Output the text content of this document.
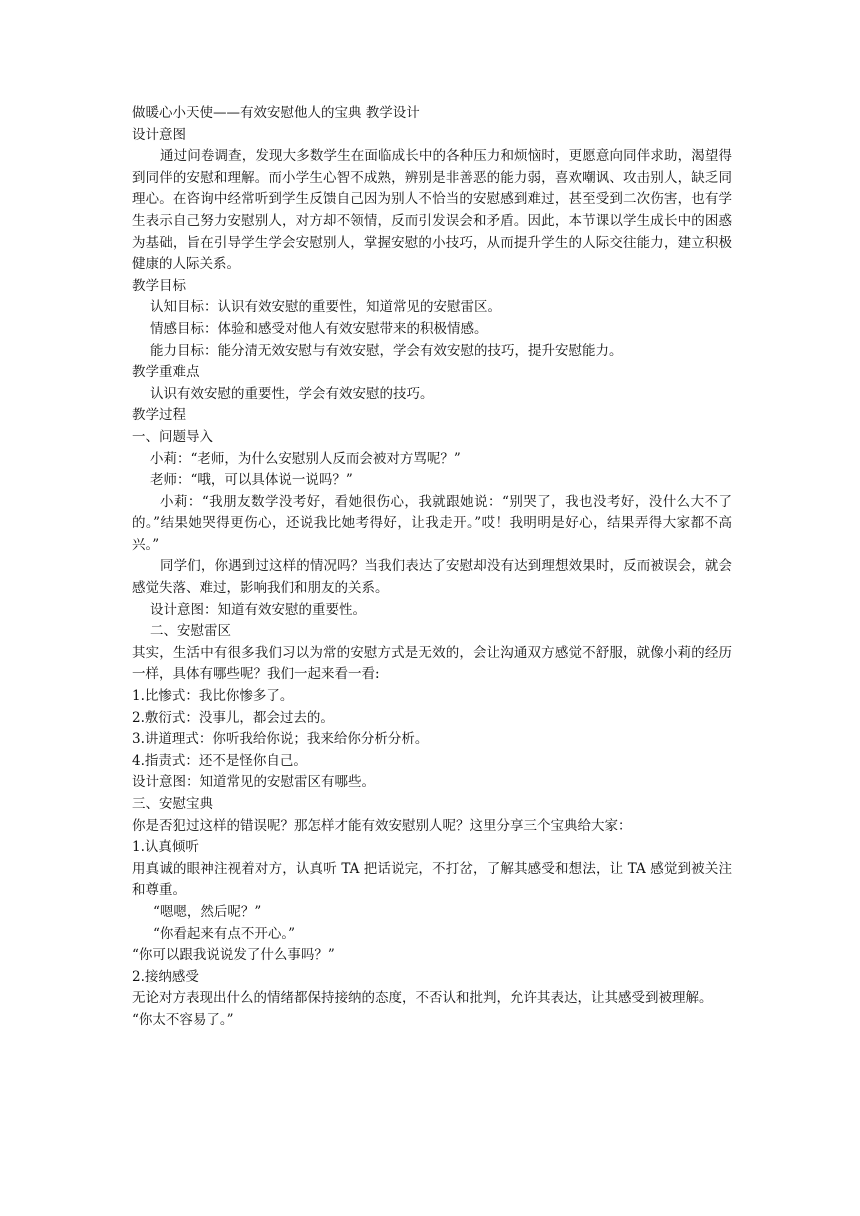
做暖心小天使——有效安慰他人的宝典 教学设计
设计意图
通过问卷调查，发现大多数学生在面临成长中的各种压力和烦恼时，更愿意向同伴求助，渴望得到同伴的安慰和理解。而小学生心智不成熟，辨别是非善恶的能力弱，喜欢嘲讽、攻击别人，缺乏同理心。在咨询中经常听到学生反馈自己因为别人不恰当的安慰感到难过，甚至受到二次伤害，也有学生表示自己努力安慰别人，对方却不领情，反而引发误会和矛盾。因此，本节课以学生成长中的困惑为基础，旨在引导学生学会安慰别人，掌握安慰的小技巧，从而提升学生的人际交往能力，建立积极健康的人际关系。
教学目标
认知目标：认识有效安慰的重要性，知道常见的安慰雷区。
情感目标：体验和感受对他人有效安慰带来的积极情感。
能力目标：能分清无效安慰与有效安慰，学会有效安慰的技巧，提升安慰能力。
教学重难点
认识有效安慰的重要性，学会有效安慰的技巧。
教学过程
一、问题导入
小莉：“老师，为什么安慰别人反而会被对方骂呢？”
老师：“哦，可以具体说一说吗？”
小莉：“我朋友数学没考好，看她很伤心，我就跟她说：“别哭了，我也没考好，没什么大不了的。”结果她哭得更伤心，还说我比她考得好，让我走开。”哎！我明明是好心，结果弄得大家都不高兴。”
同学们，你遇到过这样的情况吗？当我们表达了安慰却没有达到理想效果时，反而被误会，就会感觉失落、难过，影响我们和朋友的关系。
设计意图：知道有效安慰的重要性。
二、安慰雷区
其实，生活中有很多我们习以为常的安慰方式是无效的，会让沟通双方感觉不舒服，就像小莉的经历一样，具体有哪些呢？我们一起来看一看:
1.比惨式：我比你惨多了。
2.敷衍式：没事儿，都会过去的。
3.讲道理式：你听我给你说；我来给你分析分析。
4.指责式：还不是怪你自己。
设计意图：知道常见的安慰雷区有哪些。
三、安慰宝典
你是否犯过这样的错误呢？那怎样才能有效安慰别人呢？这里分享三个宝典给大家：
1.认真倾听
用真诚的眼神注视着对方，认真听 TA 把话说完，不打岔，了解其感受和想法，让 TA 感觉到被关注和尊重。
“嗯嗯，然后呢？”
“你看起来有点不开心。”
“你可以跟我说说发了什么事吗？”
2.接纳感受
无论对方表现出什么的情绪都保持接纳的态度，不否认和批判，允许其表达，让其感受到被理解。
“你太不容易了。”
